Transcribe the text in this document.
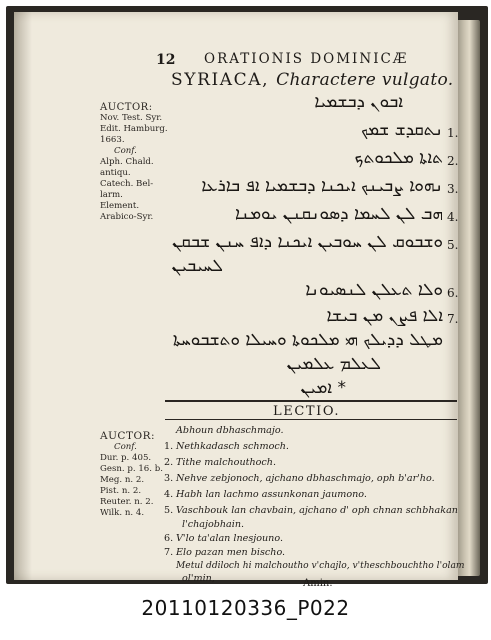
12 ORATIONIS DOMINICÆ
SYRIACA, Charactere vulgato.
AUCTOR:
Nov. Test. Syr.
Edit. Hamburg.
1663.
Conf.
Alph. Chald.
antiqu.
Catech. Bel-
larm.
Element.
Arabico-Syr.
ܐܒܘܢ ܕܒܫܡܝܐ
1.
ܢܬܩܕܫ ܫܡܟ
2.
ܬܐܬܐ ܡܠܟܘܬܟ
3.
ܢܗܘܐ ܨܒܝܢܟ ܐܝܟܢܐ ܕܒܫܡܝܐ ܐܦ ܒܐܪܥܐ
4.
ܗܒ ܠܢ ܠܚܡܐ ܕܣܘܢܩܢܢ ܝܘܡܢܐ
5.
ܘܫܒܘܩ ܠܢ ܚܘܒܝܢ ܐܝܟܢܐ ܕܐܦ ܚܢܢ ܫܒܩܢ
ܠܚܝܒܝܢ
6.
ܘܠܐ ܬܥܠܢ ܠܢܣܝܘܢܐ
7.
ܐܠܐ ܦܨܢ ܡܢ ܒܝܫܐ
ܡܛܠ ܕܕܝܠܟ ܗܝ ܡܠܟܘܬܐ ܘܚܝܠܐ ܘܬܫܒܘܚܬܐ
ܠܥܠܡ ܥܠܡܝܢ
ܐܡܝܢ *
LECTIO.
AUCTOR:
Conf.
Dur. p. 405.
Gesn. p. 16. b.
Meg. n. 2.
Pist. n. 2.
Reuter. n. 2.
Wilk. n. 4.
Abhoun dbhaschmajo.
1. Nethkadasch schmoch.
2. Tithe malchouthoch.
3. Nehve zebjonoch, ajchano dbhaschmajo, oph b'ar'ho.
4. Habh lan lachmo assunkonan jaumono.
5. Vaschbouk lan chavbain, ajchano d' oph chnan schbhakan
l'chajobhain.
6. V'lo ta'alan lnesjouno.
7. Elo pazan men bischo.
Metul ddiloch hi malchoutho v'chajlo, v'theschbouchtho l'olam
ol'min,	Amin.
20110120336_P022
